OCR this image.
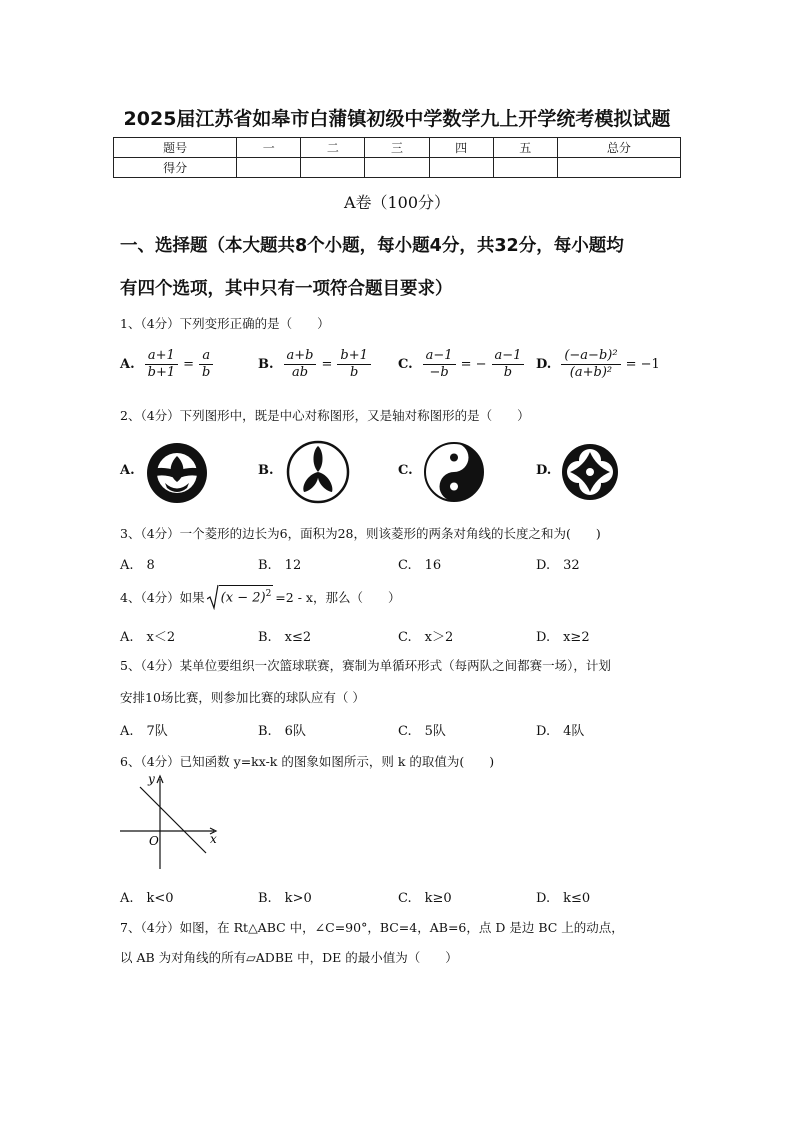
2025届江苏省如皋市白蒲镇初级中学数学九上开学统考模拟试题
题号	一	二	三	四	五	总分
得分						
A卷（100分）
一、选择题（本大题共8个小题，每小题4分，共32分，每小题均
有四个选项，其中只有一项符合题目要求）
1、（4分）下列变形正确的是（　　）
A. $\frac{a+1}{b+1} = \frac{a}{b}$	B. $\frac{a+b}{ab} = \frac{b+1}{b} C$. $\frac{a-1}{-b}$ = − $\frac{a-1}{b} D$. $\frac{\text{(−a−b)²}}{\text{(a+b)²}} = -1$
2、（4分）下列图形中，既是中心对称图形，又是轴对称图形的是（　　）
A.	B.	C.	D.
3、（4分）一个菱形的边长为6，面积为28，则该菱形的两条对角线的长度之和为(　　)
A.　8	B.　12	C.　16	D.　32
4、（4分）如果 $(x - 2)^2 =2 - x$，那么（　　）
A.　x＜2	B.　x≤2	C.　x＞2	D.　x≥2
5、（4分）某单位要组织一次篮球联赛，赛制为单循环形式（每两队之间都赛一场），计划
安排10场比赛，则参加比赛的球队应有（ ）
A.　7队	B.　6队	C.　5队	D.　4队
6、（4分）已知函数 y=kx-k 的图象如图所示，则 k 的取值为(　　)
y
x
O
A.　k<0	B.　k>0	C.　k≥0	D.　k≤0
7、（4分）如图，在 Rt△ABC 中，∠C=90°，BC=4，AB=6，点 D 是边 BC 上的动点，
以 AB 为对角线的所有▱ADBE 中，DE 的最小值为（　　）
